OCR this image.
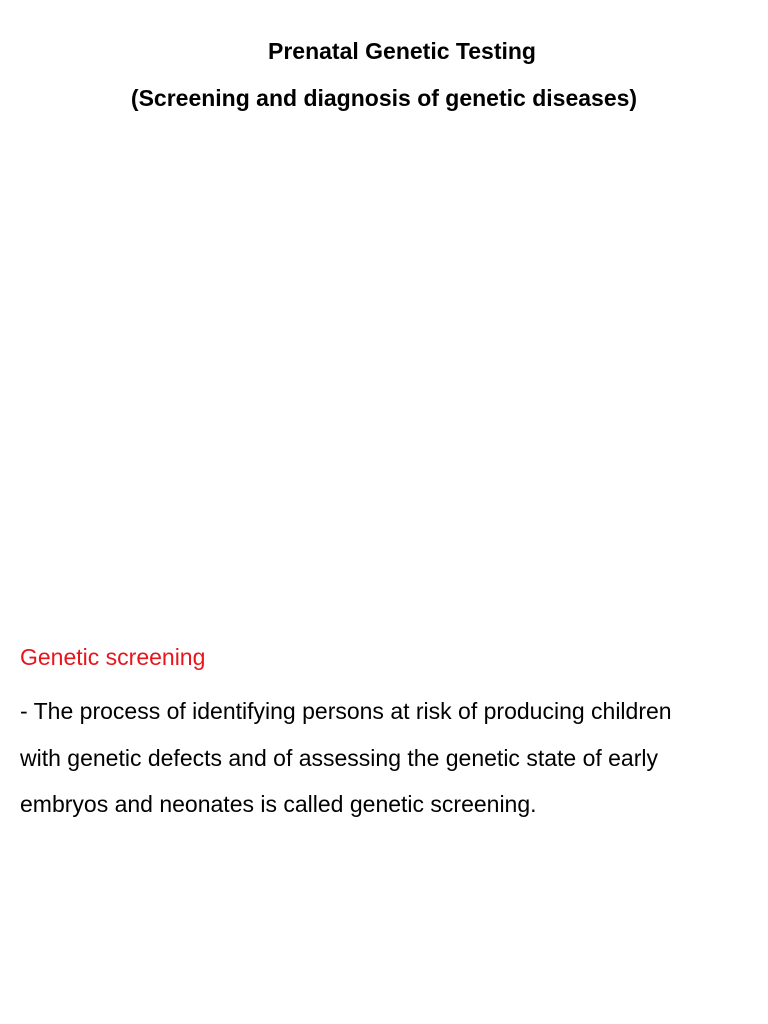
Prenatal Genetic Testing
(Screening and diagnosis of genetic diseases)
Genetic screening
- The process of identifying persons at risk of producing children
with genetic defects and of assessing the genetic state of early
embryos and neonates is called genetic screening.
